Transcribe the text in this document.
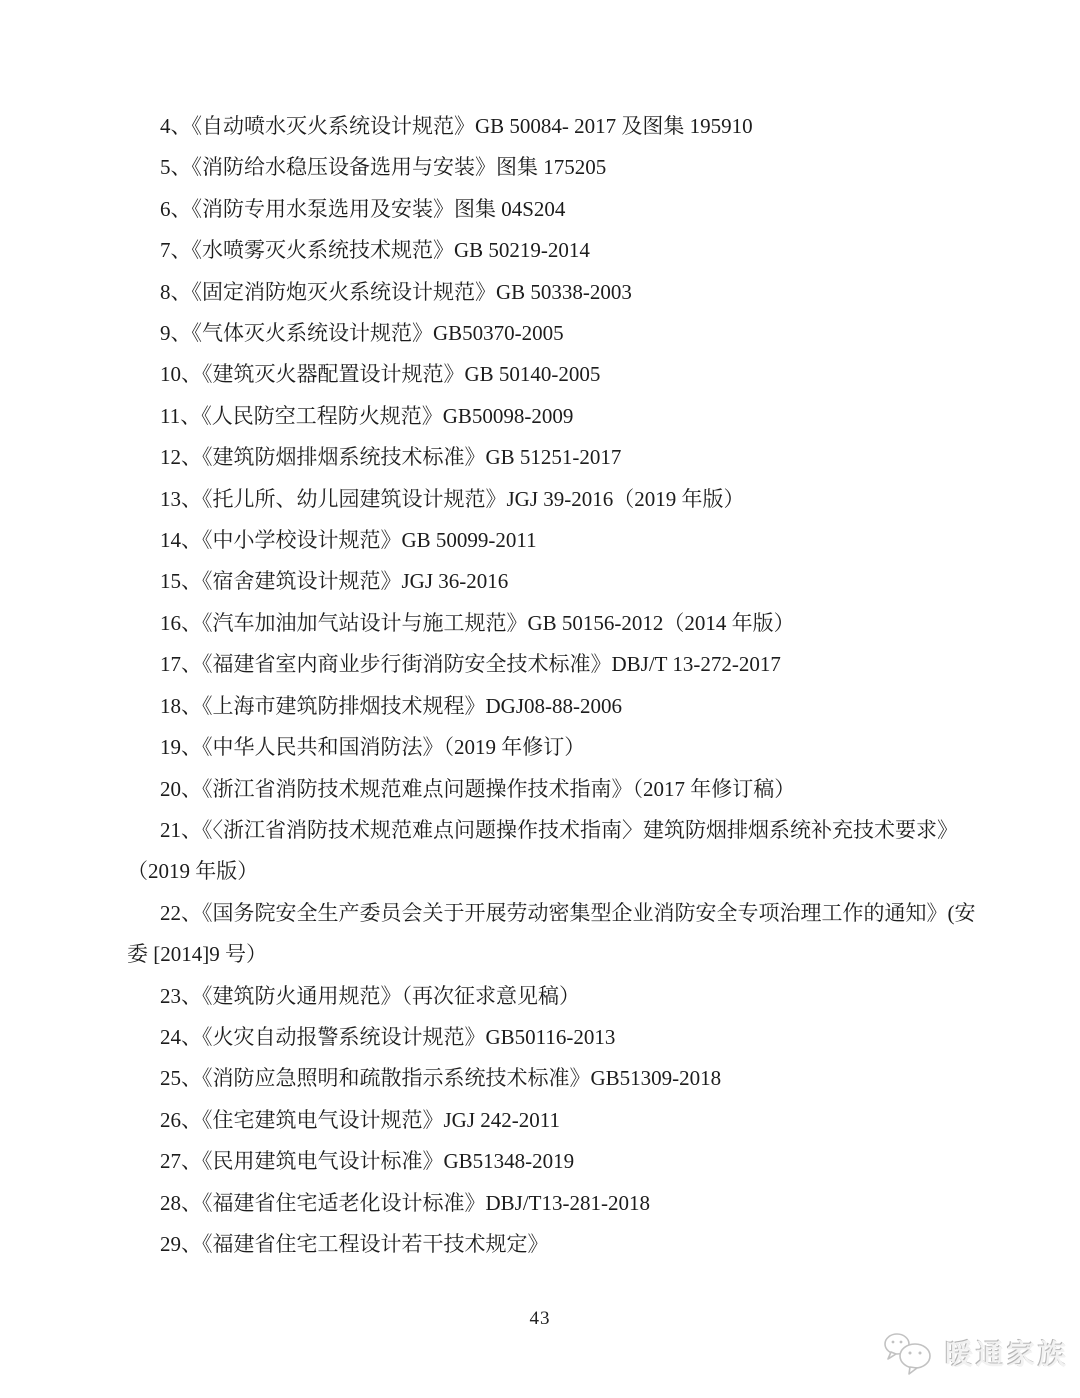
4、《自动喷水灭火系统设计规范》GB 50084- 2017 及图集 195910

5、《消防给水稳压设备选用与安装》图集 175205

6、《消防专用水泵选用及安装》图集 04S204

7、《水喷雾灭火系统技术规范》GB 50219-2014

8、《固定消防炮灭火系统设计规范》GB 50338-2003

9、《气体灭火系统设计规范》GB50370-2005

10、《建筑灭火器配置设计规范》GB 50140-2005

11、《人民防空工程防火规范》GB50098-2009

12、《建筑防烟排烟系统技术标准》GB 51251-2017

13、《托儿所、幼儿园建筑设计规范》JGJ 39-2016（2019 年版）

14、《中小学校设计规范》GB 50099-2011

15、《宿舍建筑设计规范》JGJ 36-2016

16、《汽车加油加气站设计与施工规范》GB 50156-2012（2014 年版）

17、《福建省室内商业步行街消防安全技术标准》DBJ/T 13-272-2017

18、《上海市建筑防排烟技术规程》DGJ08-88-2006

19、《中华人民共和国消防法》（2019 年修订）

20、《浙江省消防技术规范难点问题操作技术指南》（2017 年修订稿）

21、《〈浙江省消防技术规范难点问题操作技术指南〉建筑防烟排烟系统补充技术要求》

（2019 年版）

22、《国务院安全生产委员会关于开展劳动密集型企业消防安全专项治理工作的通知》(安

委 [2014]9 号）

23、《建筑防火通用规范》（再次征求意见稿）

24、《火灾自动报警系统设计规范》GB50116-2013

25、《消防应急照明和疏散指示系统技术标准》GB51309-2018

26、《住宅建筑电气设计规范》JGJ 242-2011

27、《民用建筑电气设计标准》GB51348-2019

28、《福建省住宅适老化设计标准》DBJ/T13-281-2018

29、《福建省住宅工程设计若干技术规定》

43
暖通家族
